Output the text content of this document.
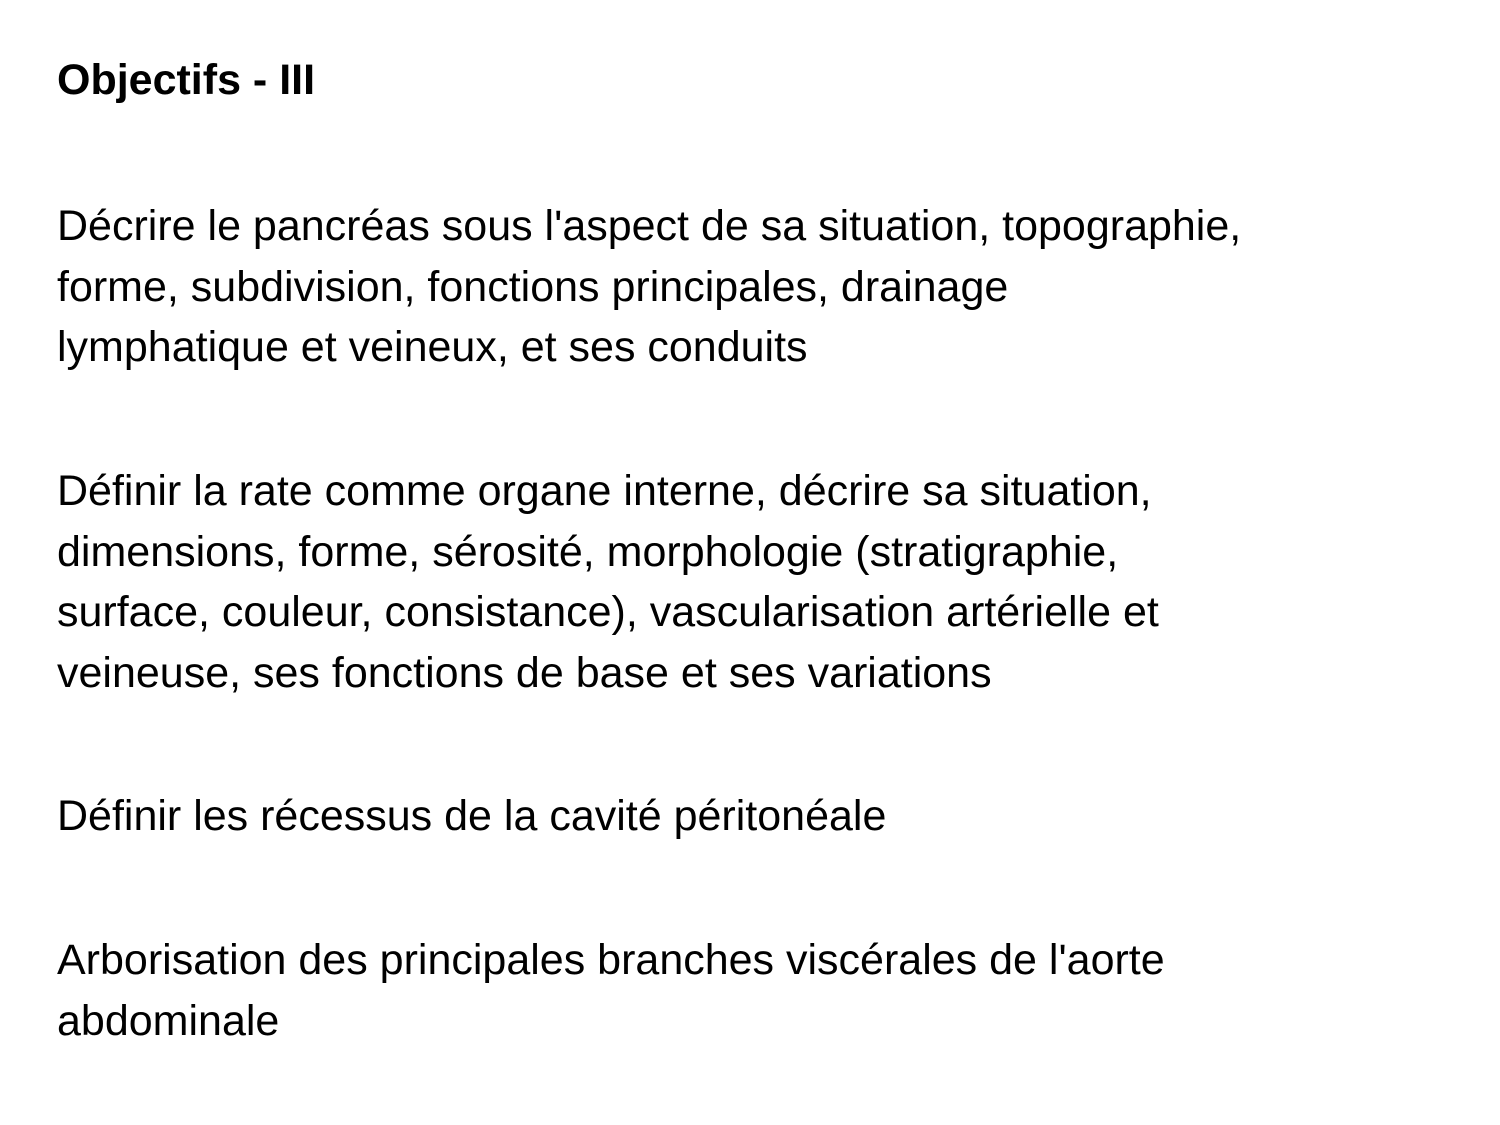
Objectifs - III
Décrire le pancréas sous l'aspect de sa situation, topographie,
forme, subdivision, fonctions principales, drainage
lymphatique et veineux, et ses conduits
Définir la rate comme organe interne, décrire sa situation,
dimensions, forme, sérosité, morphologie (stratigraphie,
surface, couleur, consistance), vascularisation artérielle et
veineuse, ses fonctions de base et ses variations
Définir les récessus de la cavité péritonéale
Arborisation des principales branches viscérales de l'aorte
abdominale
